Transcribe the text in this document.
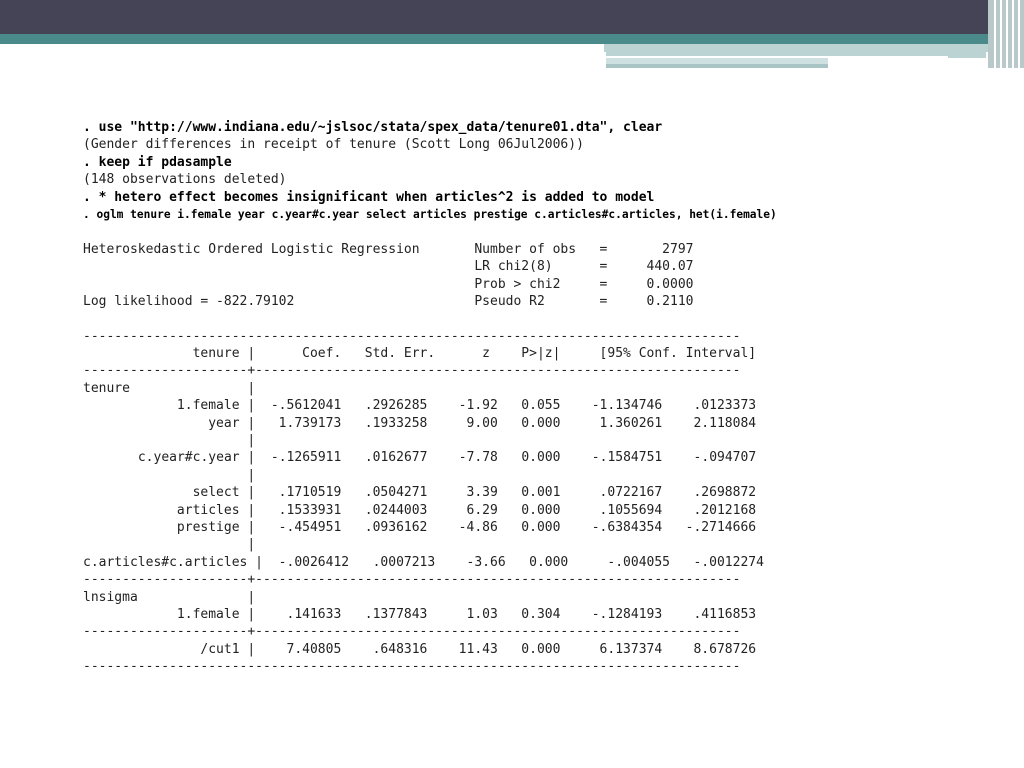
. use "http://www.indiana.edu/~jslsoc/stata/spex_data/tenure01.dta", clear
(Gender differences in receipt of tenure (Scott Long 06Jul2006))
. keep if pdasample
(148 observations deleted)
. * hetero effect becomes insignificant when articles^2 is added to model
. oglm tenure i.female year c.year#c.year select articles prestige c.articles#c.articles, het(i.female)
Heteroskedastic Ordered Logistic Regression       Number of obs   =       2797
LR chi2(8)      =     440.07
Prob > chi2     =     0.0000
Log likelihood = -822.79102                       Pseudo R2       =     0.2110
------------------------------------------------------------------------------------
tenure |      Coef.   Std. Err.      z    P>|z|     [95% Conf. Interval]
---------------------+--------------------------------------------------------------
tenure               |
1.female |  -.5612041   .2926285    -1.92   0.055    -1.134746    .0123373
year |   1.739173   .1933258     9.00   0.000     1.360261    2.118084
|
c.year#c.year |  -.1265911   .0162677    -7.78   0.000    -.1584751    -.094707
|
select |   .1710519   .0504271     3.39   0.001     .0722167    .2698872
articles |   .1533931   .0244003     6.29   0.000     .1055694    .2012168
prestige |   -.454951   .0936162    -4.86   0.000    -.6384354   -.2714666
|
c.articles#c.articles |  -.0026412   .0007213    -3.66   0.000     -.004055   -.0012274
---------------------+--------------------------------------------------------------
lnsigma              |
1.female |    .141633   .1377843     1.03   0.304    -.1284193    .4116853
---------------------+--------------------------------------------------------------
/cut1 |    7.40805    .648316    11.43   0.000     6.137374    8.678726
------------------------------------------------------------------------------------
